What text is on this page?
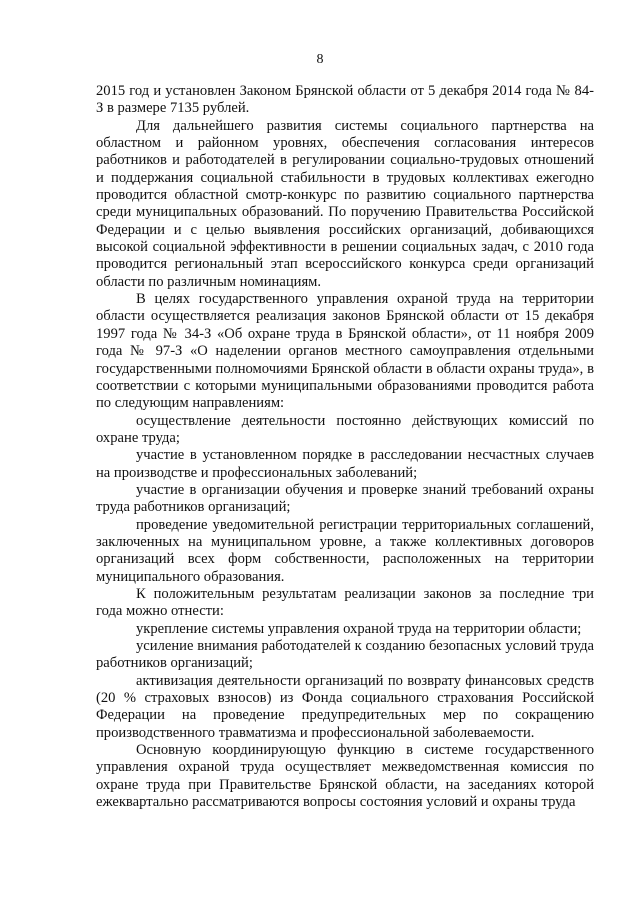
8

2015 год и установлен Законом Брянской области от 5 декабря 2014 года № 84-З в размере 7135 рублей.

Для дальнейшего развития системы социального партнерства на областном и районном уровнях, обеспечения согласования интересов работников и работодателей в регулировании социально-трудовых отношений и поддержания социальной стабильности в трудовых коллективах ежегодно проводится областной смотр-конкурс по развитию социального партнерства среди муниципальных образований. По поручению Правительства Российской Федерации и с целью выявления российских организаций, добивающихся высокой социальной эффективности в решении социальных задач, с 2010 года проводится региональный этап всероссийского конкурса среди организаций области по различным номинациям.

В целях государственного управления охраной труда на территории области осуществляется реализация законов Брянской области от 15 декабря 1997 года № 34-З «Об охране труда в Брянской области», от 11 ноября 2009 года № 97-З «О наделении органов местного самоуправления отдельными государственными полномочиями Брянской области в области охраны труда», в соответствии с которыми муниципальными образованиями проводится работа по следующим направлениям:

осуществление деятельности постоянно действующих комиссий по охране труда;

участие в установленном порядке в расследовании несчастных случаев на производстве и профессиональных заболеваний;

участие в организации обучения и проверке знаний требований охраны труда работников организаций;

проведение уведомительной регистрации территориальных соглашений, заключенных на муниципальном уровне, а также коллективных договоров организаций всех форм собственности, расположенных на территории муниципального образования.

К положительным результатам реализации законов за последние три года можно отнести:

укрепление системы управления охраной труда на территории области;

усиление внимания работодателей к созданию безопасных условий труда работников организаций;

активизация деятельности организаций по возврату финансовых средств (20 % страховых взносов) из Фонда социального страхования Российской Федерации на проведение предупредительных мер по сокращению производственного травматизма и профессиональной заболеваемости.

Основную координирующую функцию в системе государственного управления охраной труда осуществляет межведомственная комиссия по охране труда при Правительстве Брянской области, на заседаниях которой ежеквартально рассматриваются вопросы состояния условий и охраны труда
